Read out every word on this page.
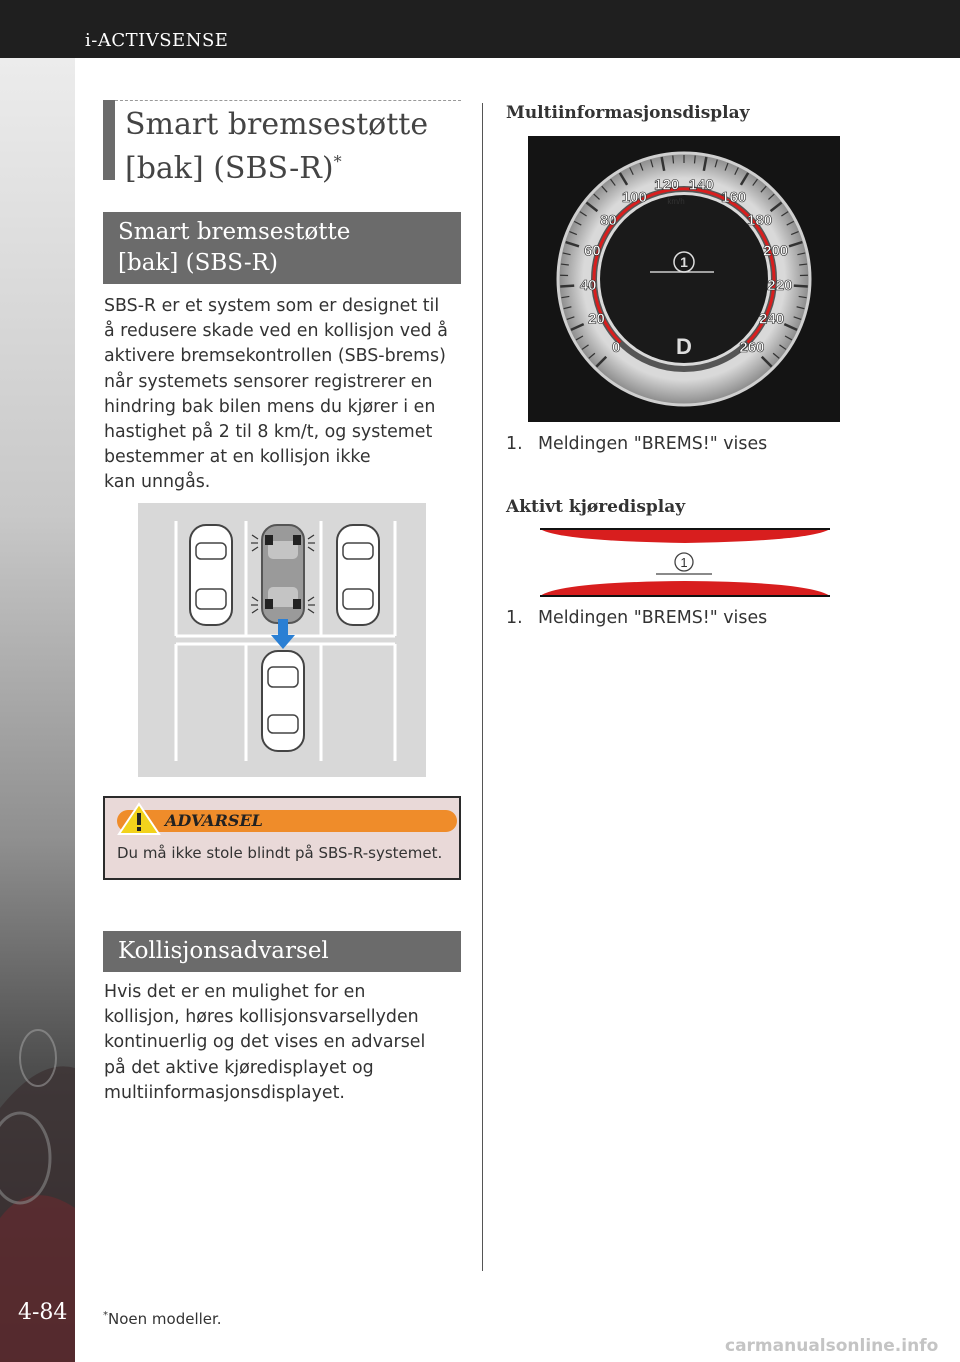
i-ACTIVSENSE
4-84
Smart bremsestøtte
[bak] (SBS-R)*
Smart bremsestøtte
[bak] (SBS-R)
SBS-R er et system som er designet til
å redusere skade ved en kollisjon ved å
aktivere bremsekontrollen (SBS-brems)
når systemets sensorer registrerer en
hindring bak bilen mens du kjører i en
hastighet på 2 til 8 km/t, og systemet
bestemmer at en kollisjon ikke
kan unngås.
ADVARSEL
Du må ikke stole blindt på SBS-R-systemet.
Kollisjonsadvarsel
Hvis det er en mulighet for en
kollisjon, høres kollisjonsvarsellyden
kontinuerlig og det vises en advarsel
på det aktive kjøredisplayet og
multiinformasjonsdisplayet.
Multiinformasjonsdisplay
0
20
40
60
80
100
120 140
160
180
200
220
240
260
km/h
1
D
1. Meldingen "BREMS!" vises
Aktivt kjøredisplay
1
1. Meldingen "BREMS!" vises
*Noen modeller.
carmanualsonline.info
